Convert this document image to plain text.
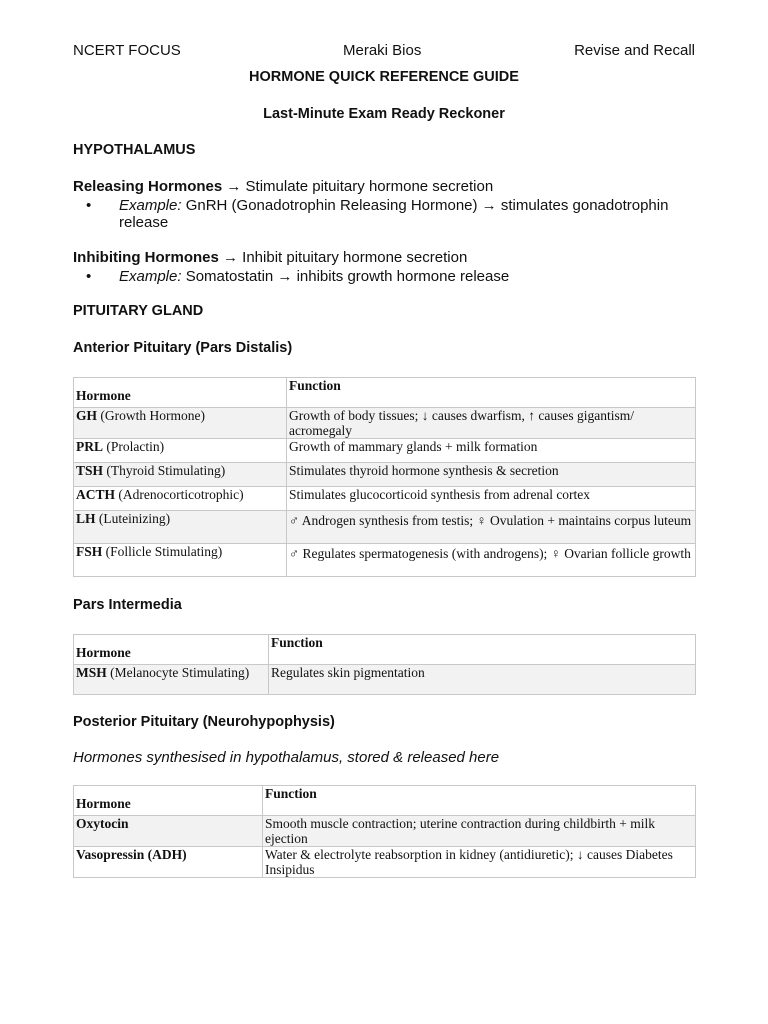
NCERT FOCUS	Meraki Bios	Revise and Recall
HORMONE QUICK REFERENCE GUIDE
Last-Minute Exam Ready Reckoner
HYPOTHALAMUS
Releasing Hormones → Stimulate pituitary hormone secretion
• Example: GnRH (Gonadotrophin Releasing Hormone) → stimulates gonadotrophin release
Inhibiting Hormones → Inhibit pituitary hormone secretion
• Example: Somatostatin → inhibits growth hormone release
PITUITARY GLAND
Anterior Pituitary (Pars Distalis)
Hormone	Function
GH (Growth Hormone)	Growth of body tissues; ↓ causes dwarfism, ↑ causes gigantism/ acromegaly
PRL (Prolactin)	Growth of mammary glands + milk formation
TSH (Thyroid Stimulating)	Stimulates thyroid hormone synthesis & secretion
ACTH (Adrenocorticotrophic)	Stimulates glucocorticoid synthesis from adrenal cortex
LH (Luteinizing)	♂ Androgen synthesis from testis; ♀ Ovulation + maintains corpus luteum
FSH (Follicle Stimulating)	♂ Regulates spermatogenesis (with androgens); ♀ Ovarian follicle growth
Pars Intermedia
Hormone	Function
MSH (Melanocyte Stimulating)	Regulates skin pigmentation
Posterior Pituitary (Neurohypophysis)
Hormones synthesised in hypothalamus, stored & released here
Hormone	Function
Oxytocin	Smooth muscle contraction; uterine contraction during childbirth + milk ejection
Vasopressin (ADH)	Water & electrolyte reabsorption in kidney (antidiuretic); ↓ causes Diabetes Insipidus
